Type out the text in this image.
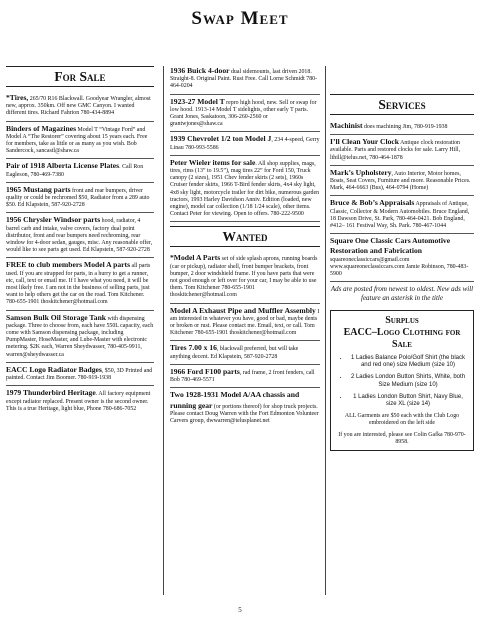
Swap Meet
For Sale
*Tires, 265/70 R16 Blackwall. Goodyear Wrangler, almost new, approx. 350km. Off new GMC Canyon. I wanted different tires. Richard Fahrion 780-434-8894
Binders of Magazines Model T “Vintage Ford” and Model A “The Restorer” covering about 15 years each. Free for members, take as little or as many as you wish. Bob Sandercock, sancastl@shaw.ca
Pair of 1918 Alberta License Plates. Call Ron Eagleson, 780-469-7380
1965 Mustang parts front and rear bumpers, driver quality or could be rechromed $50, Radiator from a 289 auto $50. Ed Klapstein, 587-920-2728
1956 Chrysler Windsor parts hood, radiator, 4 barrel carb and intake, valve covers, factory dual point distributor, front and rear bumpers need rechroming, rear window for 4-door sedan, gauges, misc. Any reasonable offer, would like to see parts get used. Ed Klapstein, 587-920-2728
FREE to club members Model A parts all parts used. If you are strapped for parts, in a hurry to get a runner, etc, call, text or email me. If I have what you need, it will be most likely free. I am not in the business of selling parts, just want to help others get the car on the road. Tom Kitchener. 780-655-1901 thoskitchener@hotmail.com
Samson Bulk Oil Storage Tank with dispensing package. Three to choose from, each have 550L capacity, each come with Samson dispensing package, including PumpMaster, HoseMaster, and Lube-Master with electronic metering. $2K each, Warren Sheydwasser, 780-405-9911, warren@sheydwasser.ca
EACC Logo Radiator Badges, $50, 3D Printed and painted. Contact Jim Boomer. 780-919-1938
1979 Thunderbird Heritage. All factory equipment except radiator replaced. Present owner is the second owner. This is a true Heritage, light blue, Phone 780-686-7052
1936 Buick 4-door dual sidemounts, last driven 2018. Straight-8. Original Paint. Rust Free. Call Lorne Schmidt 780-464-0204
1923-27 Model T repro high hood, new. Sell or swap for low hood. 1913-14 Model T sidelights, other early T parts. Grant Jones, Saskatoon, 306-260-2560 or grantwjones@shaw.ca
1939 Chevrolet 1/2 ton Model J, 234 4-speed, Gerry Linau 780-993-5586
Peter Wieler items for sale. All shop supplies, mags, tires, rims (13” to 19.5”), mag tires 22” for Ford 150, Truck canopy (2 sizes), 1951 Chev fender skirts (2 sets), 1960s Cruiser fender skirts, 1966 T-Bird fender skirts, 4x4 sky light, 4x8 sky light, motorcycle trailer for dirt bike, numerous garden tractors, 1993 Harley Davidson Anniv. Edition (loaded, new engine), model car collection (1/18 1/24 scale), other items. Contact Peter for viewing. Open to offers. 780-222-9500
Wanted
*Model A Parts set of side splash aprons, running boards (car or pickup), radiator shell, front bumper brackets, front bumper, 2 door windshield frame. If you have parts that were not good enough or left over for your car, I may be able to use them. Tom Kitchener 780-655-1901 thoskitchener@hotmail.com
Model A Exhaust Pipe and Muffler Assembly I am interested in whatever you have, good or bad, maybe dents or broken or rust. Please contact me. Email, text, or call. Tom Kitchener 780-655-1901 thoskitchener@hotmail.com
Tires 7.00 x 16, blackwall preferred, but will take anything decent. Ed Klapstein, 587-920-2728
1966 Ford F100 parts, rad frame, 2 front fenders, call Bob 780-469-5571
Two 1928-1931 Model A/AA chassis and running gear (or portions thereof) for shop truck projects. Please contact Doug Warren with the Fort Edmonton Volunteer Carvers group, dwwarren@telusplanet.net
Services
Machinist does machining Jim, 780-919-1938
I’ll Clean Your Clock Antique clock restoration available. Parts and restored clocks for sale. Larry Hill, lthill@telus.net, 780-464-1878
Mark’s Upholstery, Auto Interior, Motor homes, Boats, Seat Covers, Furniture and more. Reasonable Prices. Mark, 464-6663 (Bus), 464-0794 (Home)
Bruce & Bob’s Appraisals Appraisals of Antique, Classic, Collector & Modern Automobiles. Bruce England, 18 Dawson Drive, St. Park, 780-464-0421. Bob England, #412– 161 Festival Way, Sh. Park. 780-467-1044
Square One Classic Cars Automotive Restoration and Fabrication squareoneclassiccars@gmail.com www.squareoneclassiccars.com Jamie Robinson, 780-483-5900
Ads are posted from newest to oldest. New ads will feature an asterisk in the title
Surplus
EACC–Logo Clothing for Sale
• 1 Ladies Balance Polo/Golf Shirt (the black and red one) size Medium (size 10)
• 2 Ladies London Button Shirts, White, both Size Medium (size 10)
• 1 Ladies London Button Shirt, Navy Blue, size XL (size 14)
ALL Garments are $50 each with the Club Logo embroidered on the left side
If you are interested, please see Colin Gafka 780-970-8958.
5
